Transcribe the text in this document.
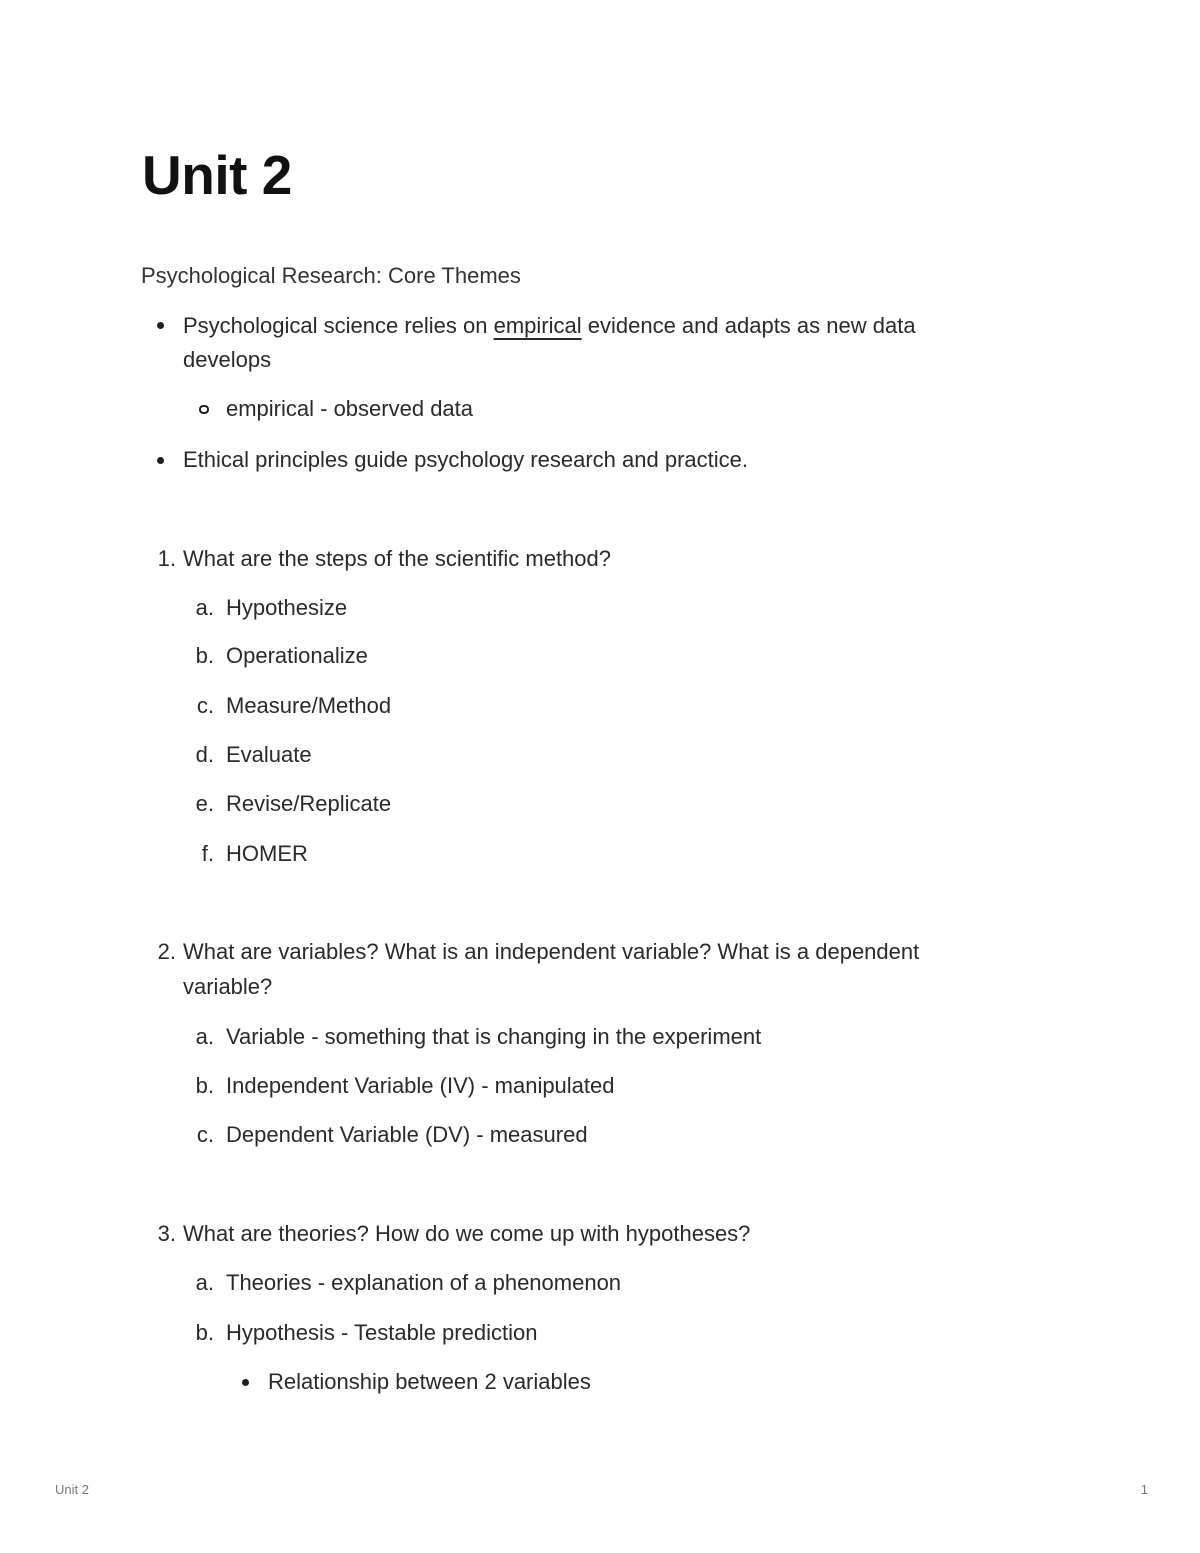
Unit 2
Psychological Research: Core Themes
Psychological science relies on empirical evidence and adapts as new data
develops
empirical - observed data
Ethical principles guide psychology research and practice.
1. What are the steps of the scientific method?
a. Hypothesize
b. Operationalize
c. Measure/Method
d. Evaluate
e. Revise/Replicate
f. HOMER
2. What are variables? What is an independent variable? What is a dependent
variable?
a. Variable - something that is changing in the experiment
b. Independent Variable (IV) - manipulated
c. Dependent Variable (DV) - measured
3. What are theories? How do we come up with hypotheses?
a. Theories - explanation of a phenomenon
b. Hypothesis - Testable prediction
Relationship between 2 variables
Unit 2	1
